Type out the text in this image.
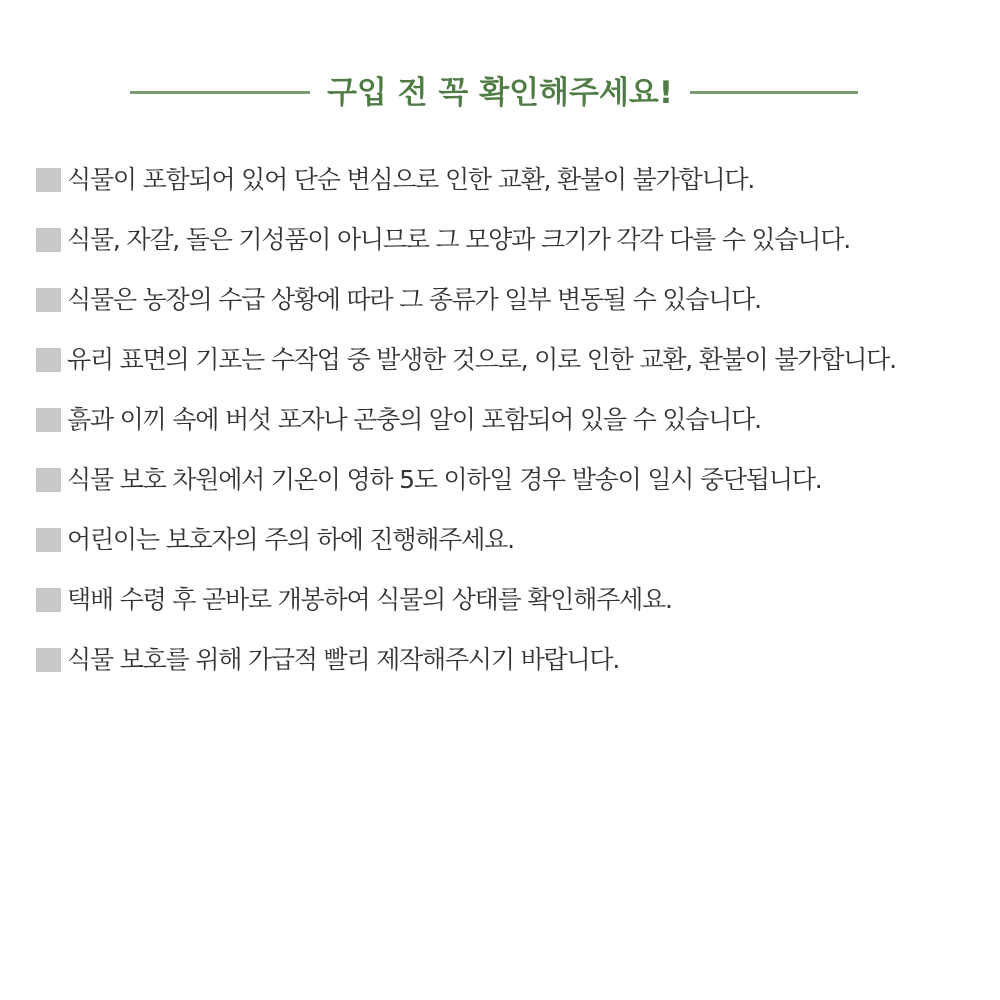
구입 전 꼭 확인해주세요!
식물이 포함되어 있어 단순 변심으로 인한 교환, 환불이 불가합니다.
식물, 자갈, 돌은 기성품이 아니므로 그 모양과 크기가 각각 다를 수 있습니다.
식물은 농장의 수급 상황에 따라 그 종류가 일부 변동될 수 있습니다.
유리 표면의 기포는 수작업 중 발생한 것으로, 이로 인한 교환, 환불이 불가합니다.
흙과 이끼 속에 버섯 포자나 곤충의 알이 포함되어 있을 수 있습니다.
식물 보호 차원에서 기온이 영하 5도 이하일 경우 발송이 일시 중단됩니다.
어린이는 보호자의 주의 하에 진행해주세요.
택배 수령 후 곧바로 개봉하여 식물의 상태를 확인해주세요.
식물 보호를 위해 가급적 빨리 제작해주시기 바랍니다.
